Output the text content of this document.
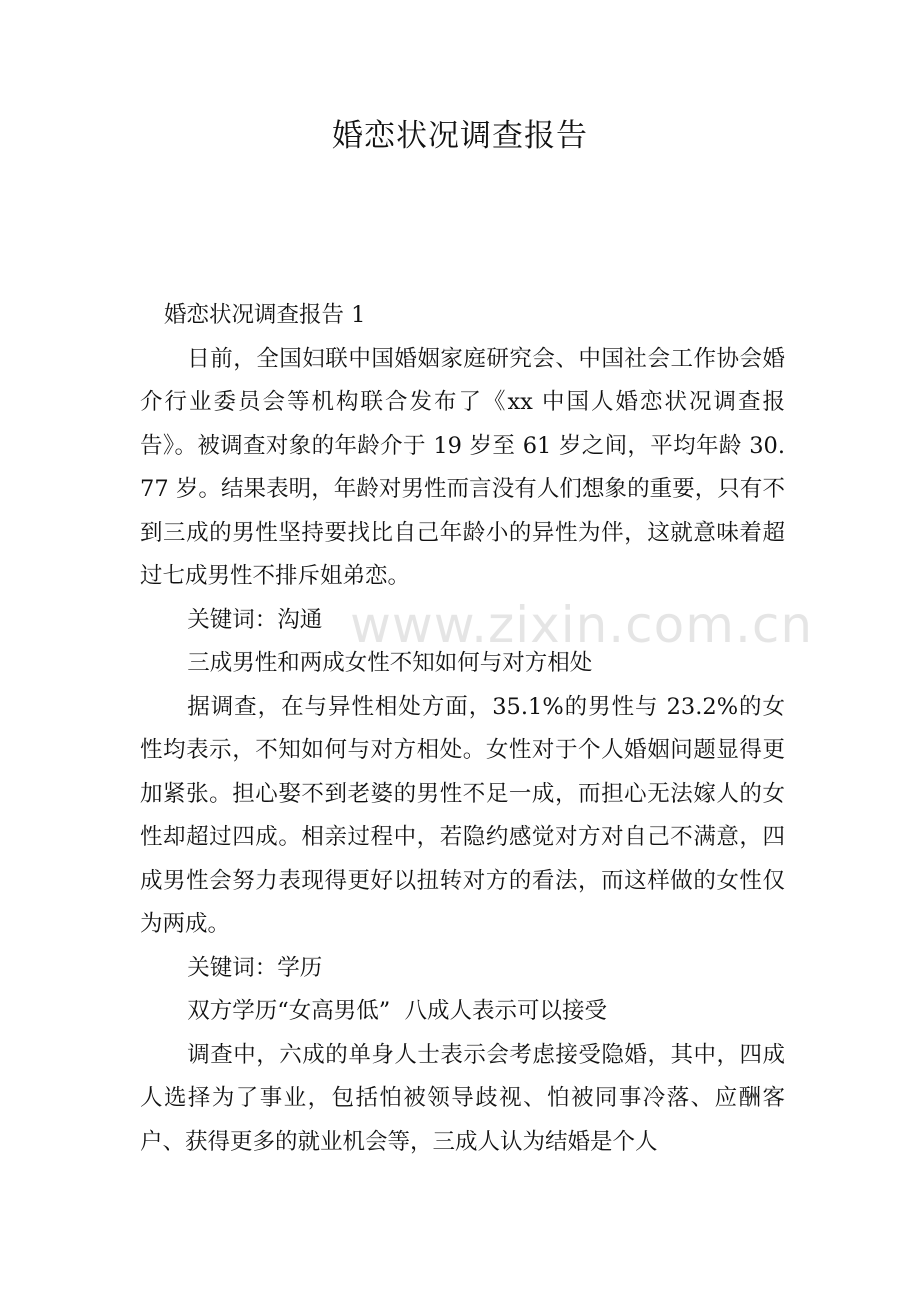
婚恋状况调查报告

婚恋状况调查报告 1

日前，全国妇联中国婚姻家庭研究会、中国社会工作协会婚介行业委员会等机构联合发布了《xx 中国人婚恋状况调查报告》。被调查对象的年龄介于 19 岁至 61 岁之间，平均年龄 30.77 岁。结果表明，年龄对男性而言没有人们想象的重要，只有不到三成的男性坚持要找比自己年龄小的异性为伴，这就意味着超过七成男性不排斥姐弟恋。

关键词：沟通

三成男性和两成女性不知如何与对方相处

据调查，在与异性相处方面，35.1%的男性与 23.2%的女性均表示，不知如何与对方相处。女性对于个人婚姻问题显得更加紧张。担心娶不到老婆的男性不足一成，而担心无法嫁人的女性却超过四成。相亲过程中，若隐约感觉对方对自己不满意，四成男性会努力表现得更好以扭转对方的看法，而这样做的女性仅为两成。

关键词：学历

双方学历“女高男低”  八成人表示可以接受

调查中，六成的单身人士表示会考虑接受隐婚，其中，四成人选择为了事业，包括怕被领导歧视、怕被同事冷落、应酬客户、获得更多的就业机会等，三成人认为结婚是个人

www.zixin.com.cn
